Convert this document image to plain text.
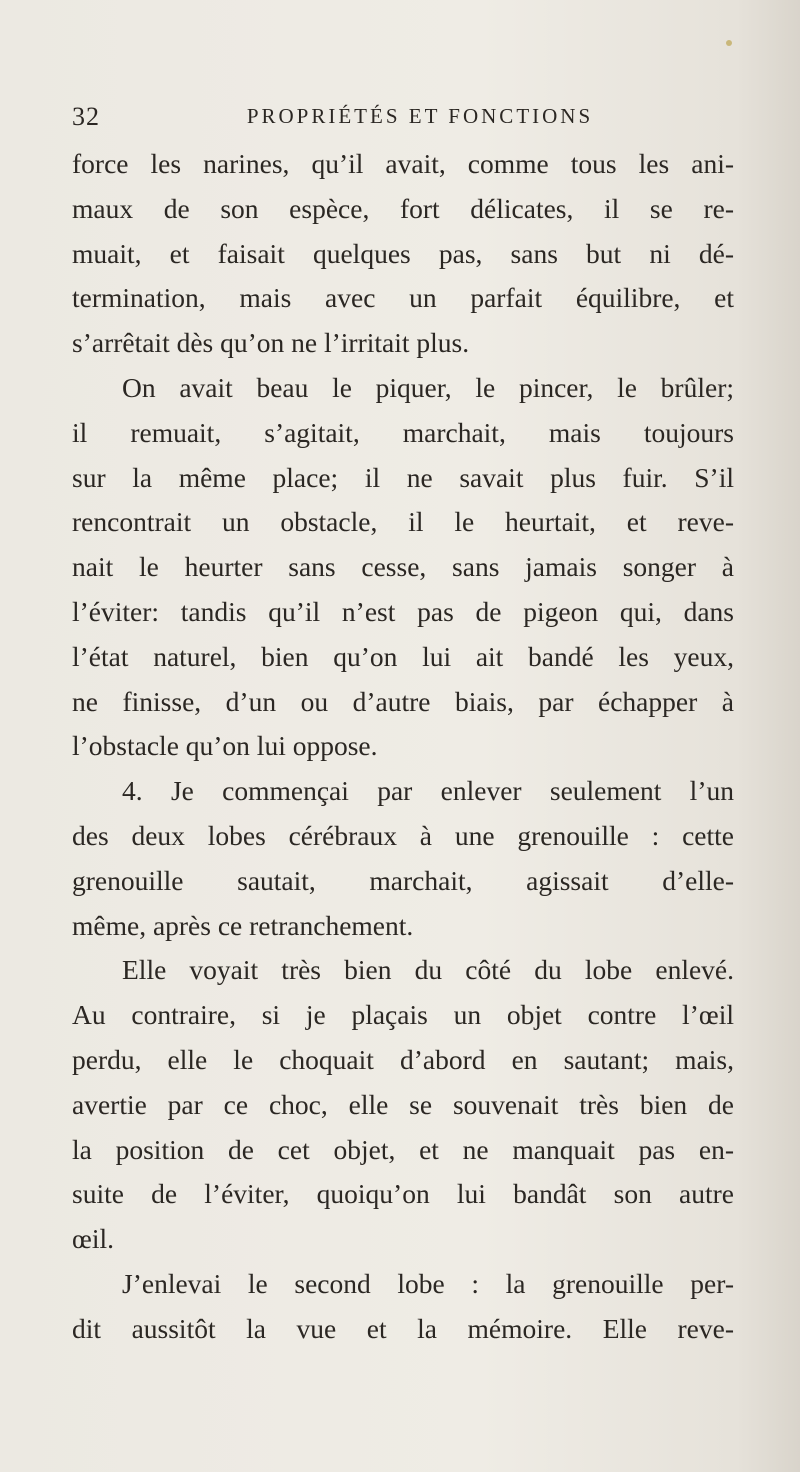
32	PROPRIÉTÉS ET FONCTIONS
force les narines, qu’il avait, comme tous les ani-
maux de son espèce, fort délicates, il se re-
muait, et faisait quelques pas, sans but ni dé-
termination, mais avec un parfait équilibre, et
s’arrêtait dès qu’on ne l’irritait plus.
On avait beau le piquer, le pincer, le brûler;
il remuait, s’agitait, marchait, mais toujours
sur la même place; il ne savait plus fuir. S’il
rencontrait un obstacle, il le heurtait, et reve-
nait le heurter sans cesse, sans jamais songer à
l’éviter: tandis qu’il n’est pas de pigeon qui, dans
l’état naturel, bien qu’on lui ait bandé les yeux,
ne finisse, d’un ou d’autre biais, par échapper à
l’obstacle qu’on lui oppose.
4. Je commençai par enlever seulement l’un
des deux lobes cérébraux à une grenouille : cette
grenouille sautait, marchait, agissait d’elle-
même, après ce retranchement.
Elle voyait très bien du côté du lobe enlevé.
Au contraire, si je plaçais un objet contre l’œil
perdu, elle le choquait d’abord en sautant; mais,
avertie par ce choc, elle se souvenait très bien de
la position de cet objet, et ne manquait pas en-
suite de l’éviter, quoiqu’on lui bandât son autre
œil.
J’enlevai le second lobe : la grenouille per-
dit aussitôt la vue et la mémoire. Elle reve-
